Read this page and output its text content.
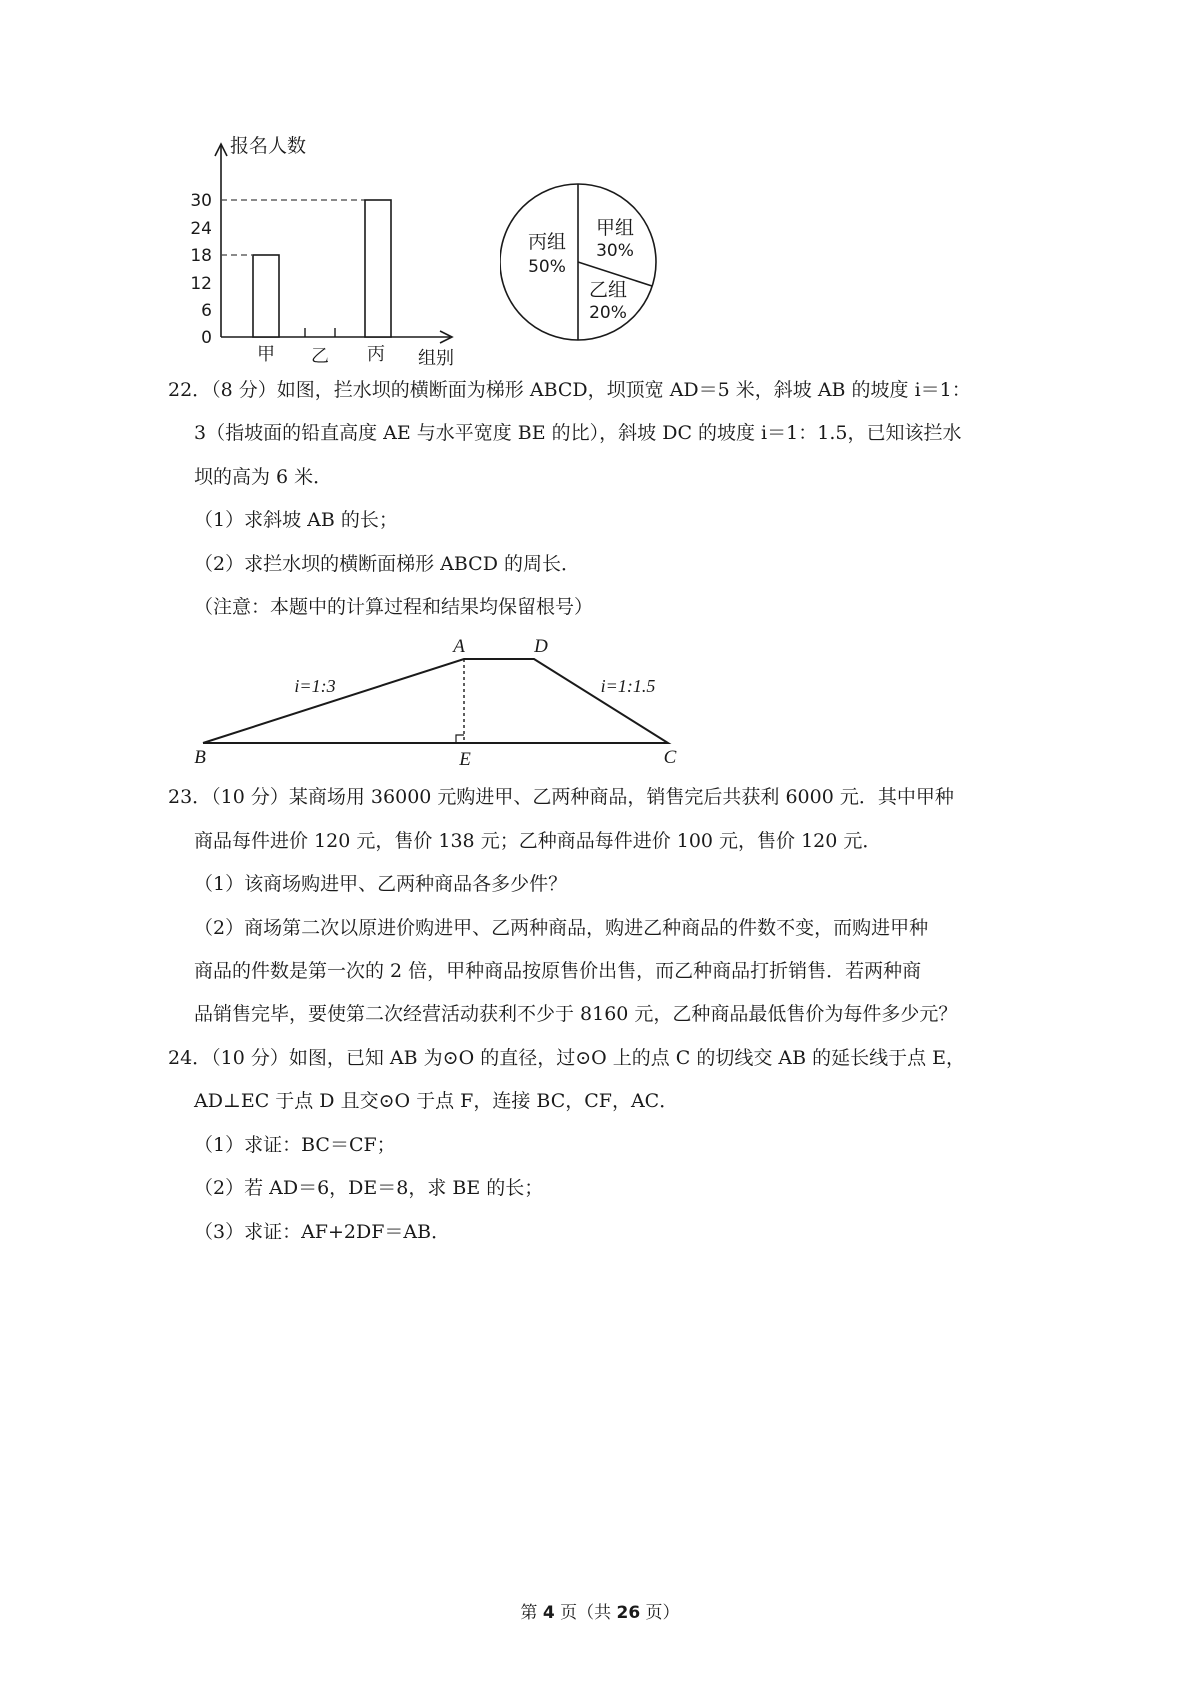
0
6
12
18
24
30
甲 乙 丙
报名人数
组别
甲组
30%
乙组
20%
丙组
50%
22．（8 分）如图，拦水坝的横断面为梯形 ABCD，坝顶宽 AD＝5 米，斜坡 AB 的坡度 i＝1：
3（指坡面的铅直高度 AE 与水平宽度 BE 的比），斜坡 DC 的坡度 i＝1：1.5，已知该拦水
坝的高为 6 米．
（1）求斜坡 AB 的长；
（2）求拦水坝的横断面梯形 ABCD 的周长．
（注意：本题中的计算过程和结果均保留根号）
A	D
B	E	C
i=1:3	i=1:1.5
23．（10 分）某商场用 36000 元购进甲、乙两种商品，销售完后共获利 6000 元．其中甲种
商品每件进价 120 元，售价 138 元；乙种商品每件进价 100 元，售价 120 元．
（1）该商场购进甲、乙两种商品各多少件？
（2）商场第二次以原进价购进甲、乙两种商品，购进乙种商品的件数不变，而购进甲种
商品的件数是第一次的 2 倍，甲种商品按原售价出售，而乙种商品打折销售．若两种商
品销售完毕，要使第二次经营活动获利不少于 8160 元，乙种商品最低售价为每件多少元？
24．（10 分）如图，已知 AB 为⊙O 的直径，过⊙O 上的点 C 的切线交 AB 的延长线于点 E，
AD⊥EC 于点 D 且交⊙O 于点 F，连接 BC，CF，AC．
（1）求证：BC＝CF；
（2）若 AD＝6，DE＝8，求 BE 的长；
（3）求证：AF+2DF＝AB．
第 4 页（共 26 页）
